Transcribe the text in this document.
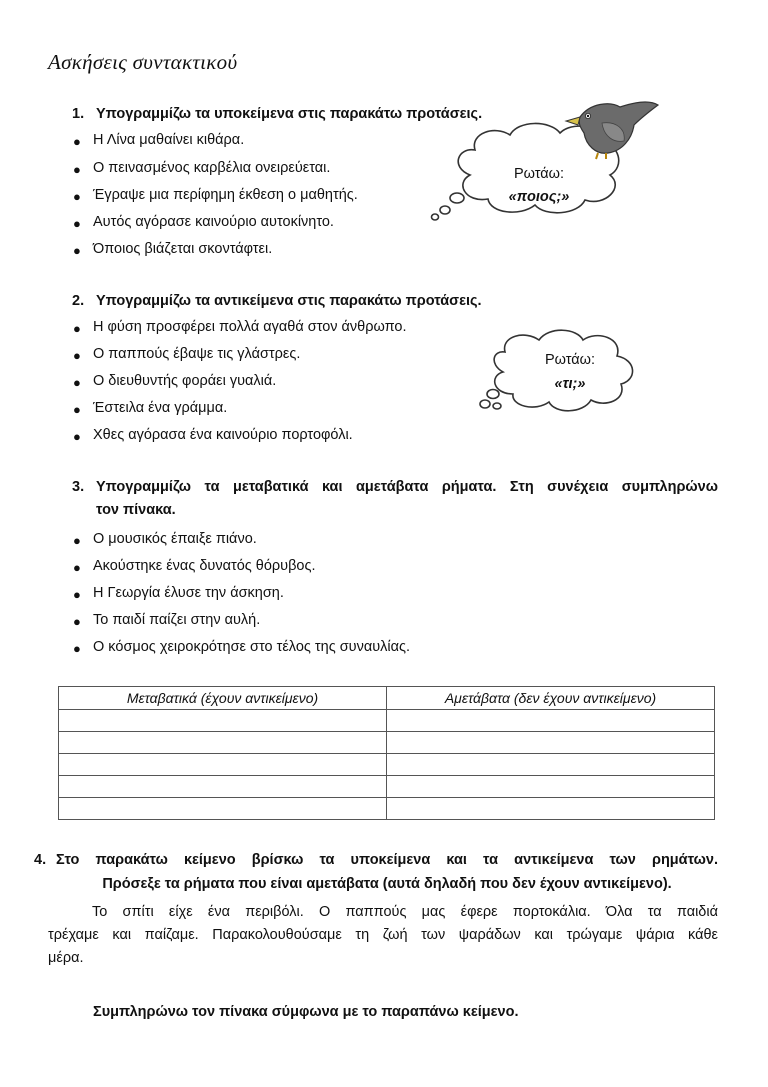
Ασκήσεις συντακτικού
1. Υπογραμμίζω τα υποκείμενα στις παρακάτω προτάσεις.
● Η Λίνα μαθαίνει κιθάρα.
● Ο πεινασμένος καρβέλια ονειρεύεται.
● Έγραψε μια περίφημη έκθεση ο μαθητής.
● Αυτός αγόρασε καινούριο αυτοκίνητο.
● Όποιος βιάζεται σκοντάφτει.
Ρωτάω:
«ποιος;»
2. Υπογραμμίζω τα αντικείμενα στις παρακάτω προτάσεις.
● Η φύση προσφέρει πολλά αγαθά στον άνθρωπο.
● Ο παππούς έβαψε τις γλάστρες.
● Ο διευθυντής φοράει γυαλιά.
● Έστειλα ένα γράμμα.
● Χθες αγόρασα ένα καινούριο πορτοφόλι.
Ρωτάω:
«τι;»
3. Υπογραμμίζω τα μεταβατικά και αμετάβατα ρήματα. Στη συνέχεια συμπληρώνω
τον πίνακα.
● Ο μουσικός έπαιξε πιάνο.
● Ακούστηκε ένας δυνατός θόρυβος.
● Η Γεωργία έλυσε την άσκηση.
● Το παιδί παίζει στην αυλή.
● Ο κόσμος χειροκρότησε στο τέλος της συναυλίας.
Μεταβατικά (έχουν αντικείμενο)	Αμετάβατα (δεν έχουν αντικείμενο)

4. Στο παρακάτω κείμενο βρίσκω τα υποκείμενα και τα αντικείμενα των ρημάτων.
Πρόσεξε τα ρήματα που είναι αμετάβατα (αυτά δηλαδή που δεν έχουν αντικείμενο).
Το σπίτι είχε ένα περιβόλι. Ο παππούς μας έφερε πορτοκάλια. Όλα τα παιδιά
τρέχαμε και παίζαμε. Παρακολουθούσαμε τη ζωή των ψαράδων και τρώγαμε ψάρια κάθε
μέρα.
Συμπληρώνω τον πίνακα σύμφωνα με το παραπάνω κείμενο.
